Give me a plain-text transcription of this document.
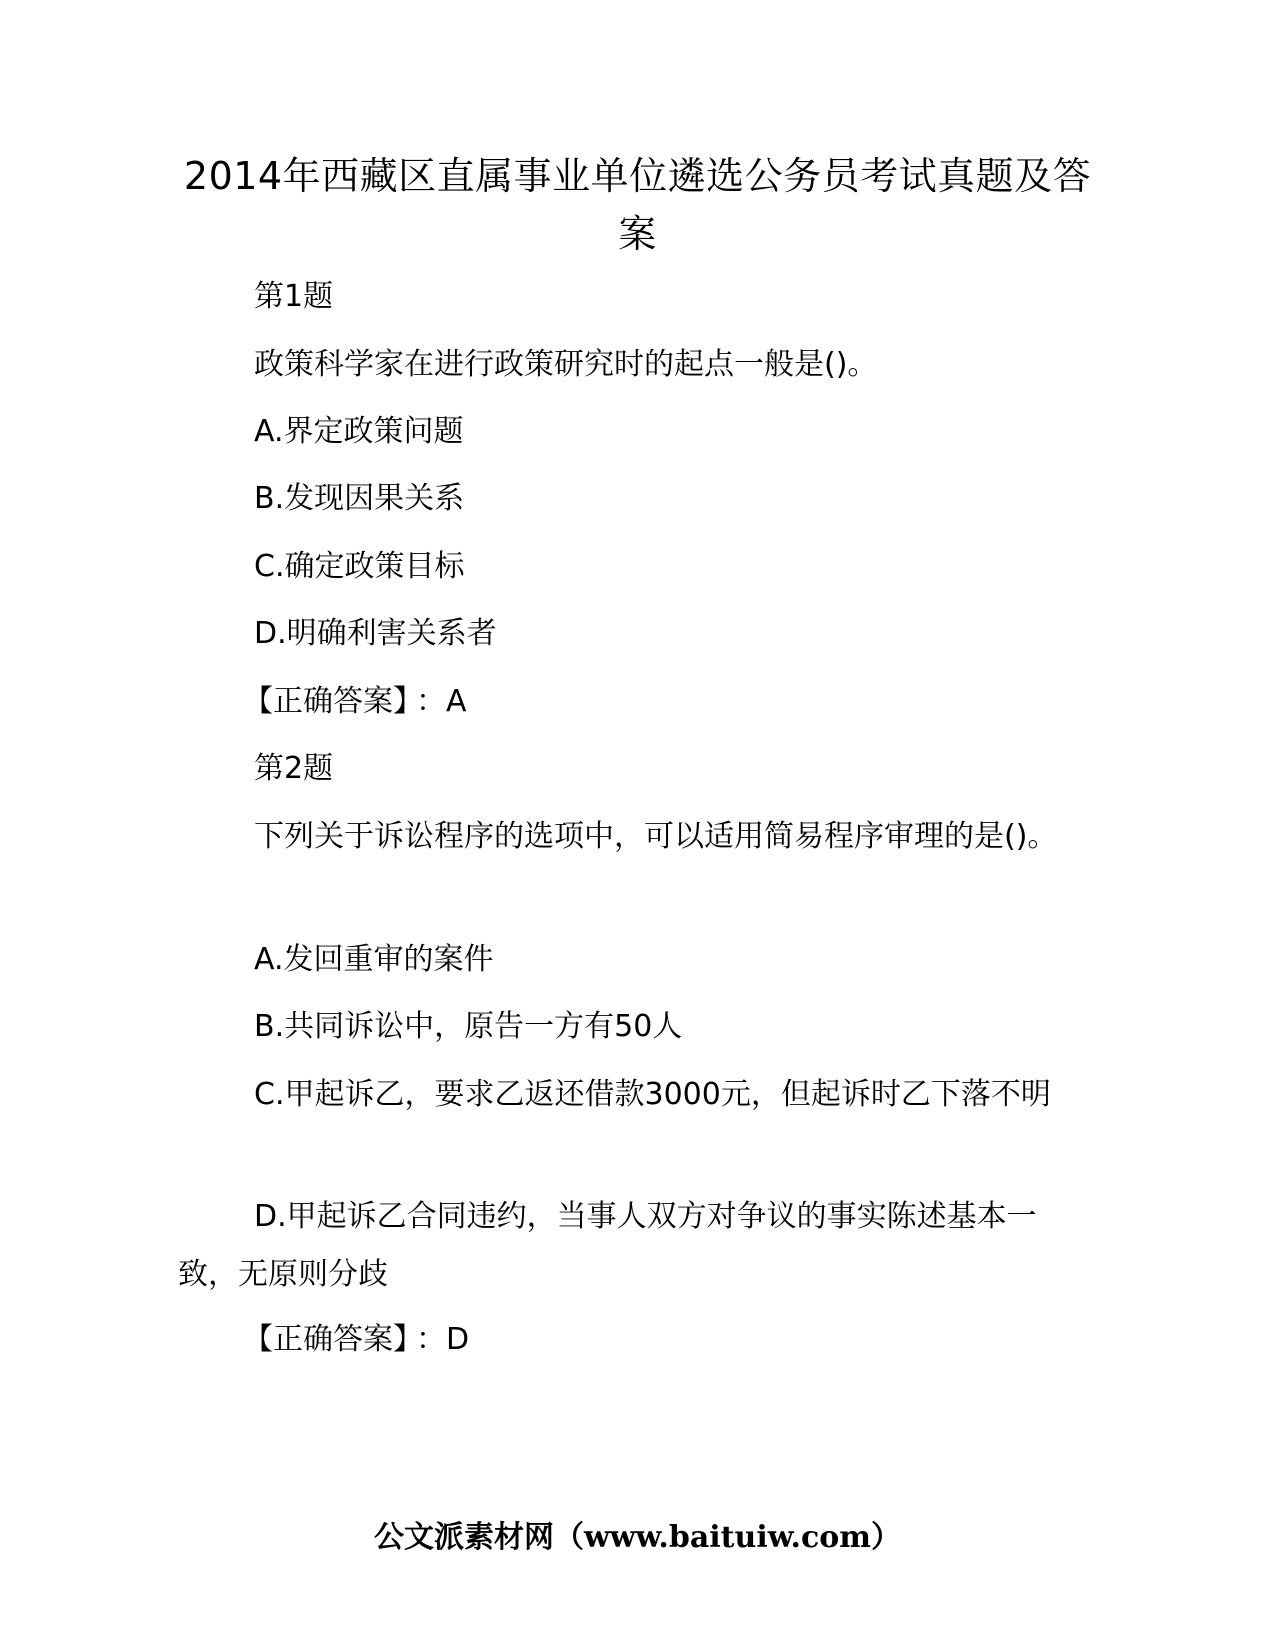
2014年西藏区直属事业单位遴选公务员考试真题及答案
第1题
政策科学家在进行政策研究时的起点一般是()。
A.界定政策问题
B.发现因果关系
C.确定政策目标
D.明确利害关系者
【正确答案】 ：A
第2题
下列关于诉讼程序的选项中，可以适用简易程序审理的是()。
A.发回重审的案件
B.共同诉讼中，原告一方有50人
C.甲起诉乙，要求乙返还借款3000元，但起诉时乙下落不明
D.甲起诉乙合同违约，当事人双方对争议的事实陈述基本一致，无原则分歧
【正确答案】 ：D
公文派素材网（www.baituiw.com）
